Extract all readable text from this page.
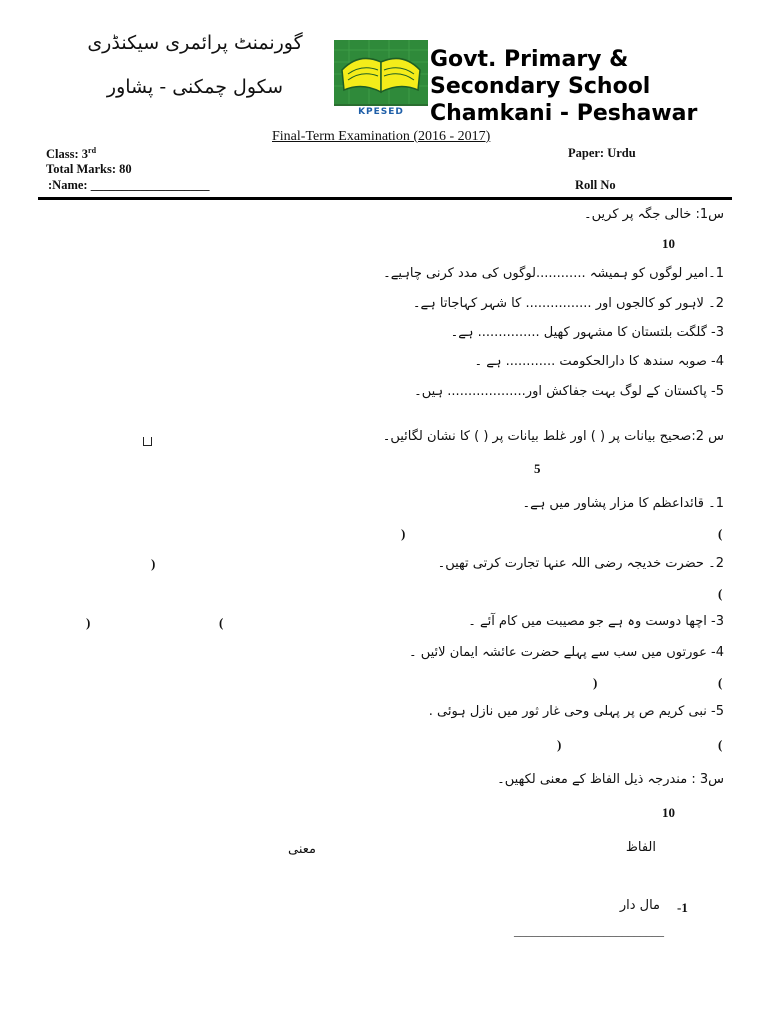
گورنمنٹ پرائمری سیکنڈری
سکول چمکنی - پشاور
KPESED
Govt. Primary & Secondary School Chamkani - Peshawar
Final-Term Examination (2016 - 2017)
Class: 3rd
Total Marks: 80
:Name: ___________________
Paper: Urdu
Roll No
س1: خالی جگہ پر کریں۔
10
1۔امیر لوگوں کو ہمیشہ ............لوگوں کی مدد کرنی چاہیے۔
2۔ لاہور کو کالجوں اور ................ کا شہر کہاجاتا ہے۔
3- گلگت بلتستان کا مشہور کھیل ............... ہے۔
4- صوبہ سندھ کا دارالحکومت ............ ہے ۔
5- پاکستان کے لوگ بہت جفاکش اور................... ہیں۔
س 2:صحیح بیانات پر ( ) اور غلط بیانات پر ( ) کا نشان لگائیں۔
5
1۔ قائداعظم کا مزار پشاور میں ہے۔
(
)
2۔ حضرت خدیجہ رضی اللہ عنہا تجارت کرتی تھیں۔
)
(
3- اچھا دوست وہ ہے جو مصیبت میں کام آئے ۔
(
)
4- عورتوں میں سب سے پہلے حضرت عائشہ ایمان لائیں ۔
(
)
5- نبی کریم ص پر پہلی وحی غار ثور میں نازل ہوئی .
(
)
س3 : مندرجہ ذیل الفاظ کے معنی لکھیں۔
10
الفاظ
معنی
-1
مال دار
_________________________
